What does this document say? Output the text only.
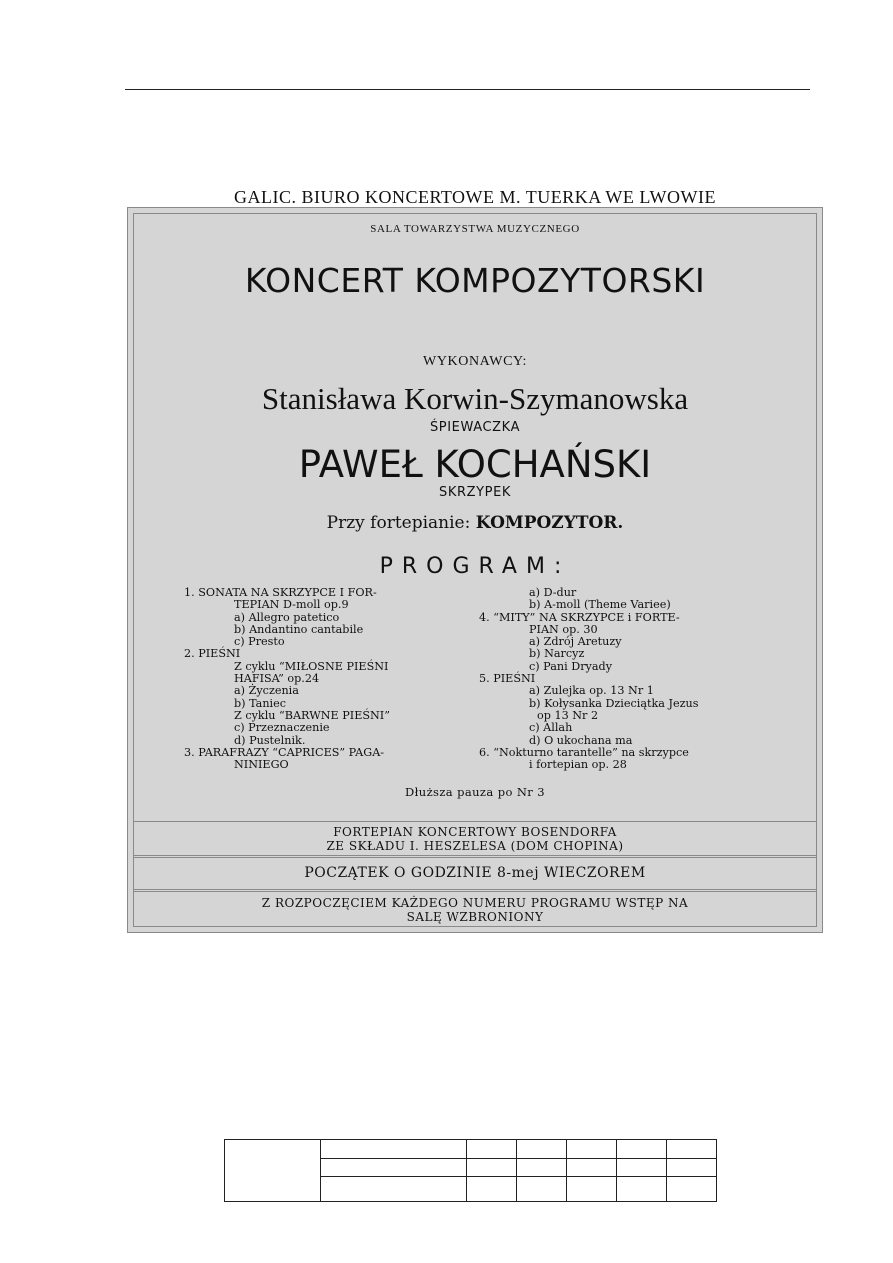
GALIC. BIURO KONCERTOWE M. TUERKA WE LWOWIE
SALA TOWARZYSTWA MUZYCZNEGO
KONCERT KOMPOZYTORSKI
WYKONAWCY:
Stanisława Korwin-Szymanowska
ŚPIEWACZKA
PAWEŁ KOCHAŃSKI
SKRZYPEK
Przy fortepianie: KOMPOZYTOR.
PROGRAM:
1. SONATA NA SKRZYPCE I FOR-
TEPIAN D-moll op.9
a) Allegro patetico
b) Andantino cantabile
c) Presto
2. PIEŚNI
Z cyklu “MIŁOSNE PIEŚNI
HAFISA” op.24
a) Życzenia
b) Taniec
Z cyklu “BARWNE PIEŚNI”
c) Przeznaczenie
d) Pustelnik.
3. PARAFRAZY “CAPRICES” PAGA-
NINIEGO
a) D-dur
b) A-moll (Theme Variee)
4. “MITY” NA SKRZYPCE i FORTE-
PIAN op. 30
a) Zdrój Aretuzy
b) Narcyz
c) Pani Dryady
5. PIEŚNI
a) Zulejka op. 13 Nr 1
b) Kołysanka Dzieciątka Jezus
op 13 Nr 2
c) Allah
d) O ukochana ma
6. “Nokturno tarantelle” na skrzypce
i fortepian op. 28
Dłuższa pauza po Nr 3
FORTEPIAN KONCERTOWY BOSENDORFA
ZE SKŁADU I. HESZELESA (DOM CHOPINA)
POCZĄTEK O GODZINIE 8-mej WIECZOREM
Z ROZPOCZĘCIEM KAŻDEGO NUMERU PROGRAMU WSTĘP NA
SALĘ WZBRONIONY
